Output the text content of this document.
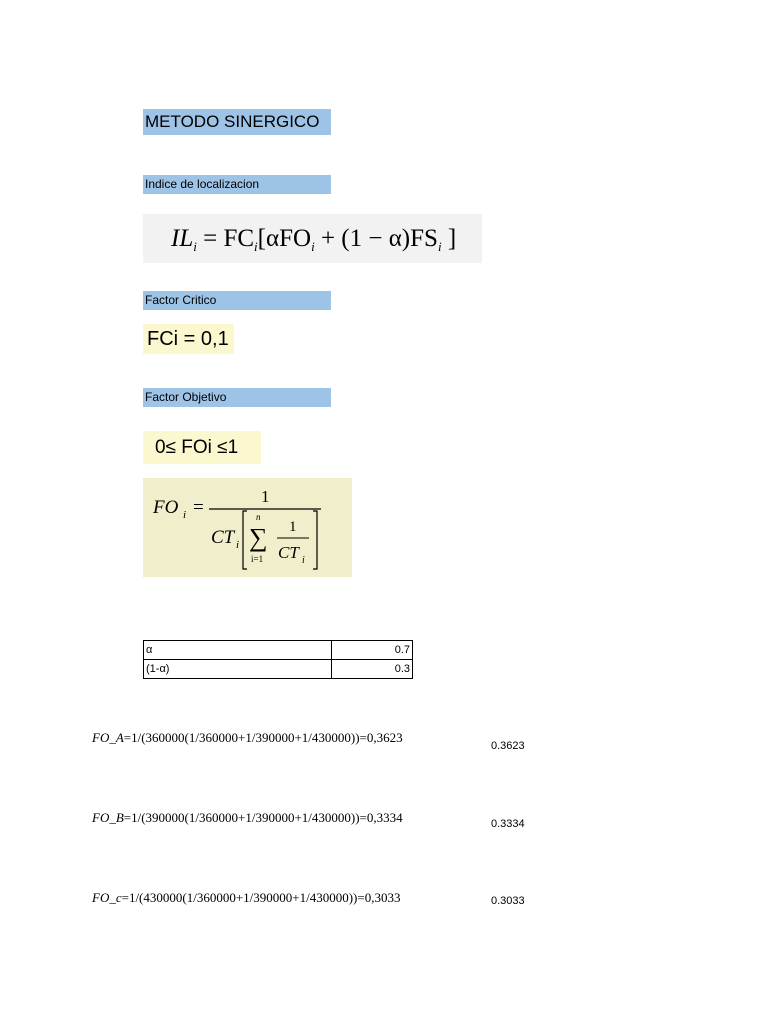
METODO SINERGICO
Indice de localizacion
$IL_i = FC_i[\alpha FO_i + (1 - \alpha)FS_i$ ]
Factor Critico
FCi = 0,1
Factor Objetivo
0≤ FOi ≤1
FO i =
1
CT i
n
∑
i=1
1
CT i
α	0.7
(1-α)	0.3
FO_A=1/(360000(1/360000+1/390000+1/430000))=0,3623
0.3623
FO_B=1/(390000(1/360000+1/390000+1/430000))=0,3334	0.3334
FO_c=1/(430000(1/360000+1/390000+1/430000))=0,3033	0.3033
